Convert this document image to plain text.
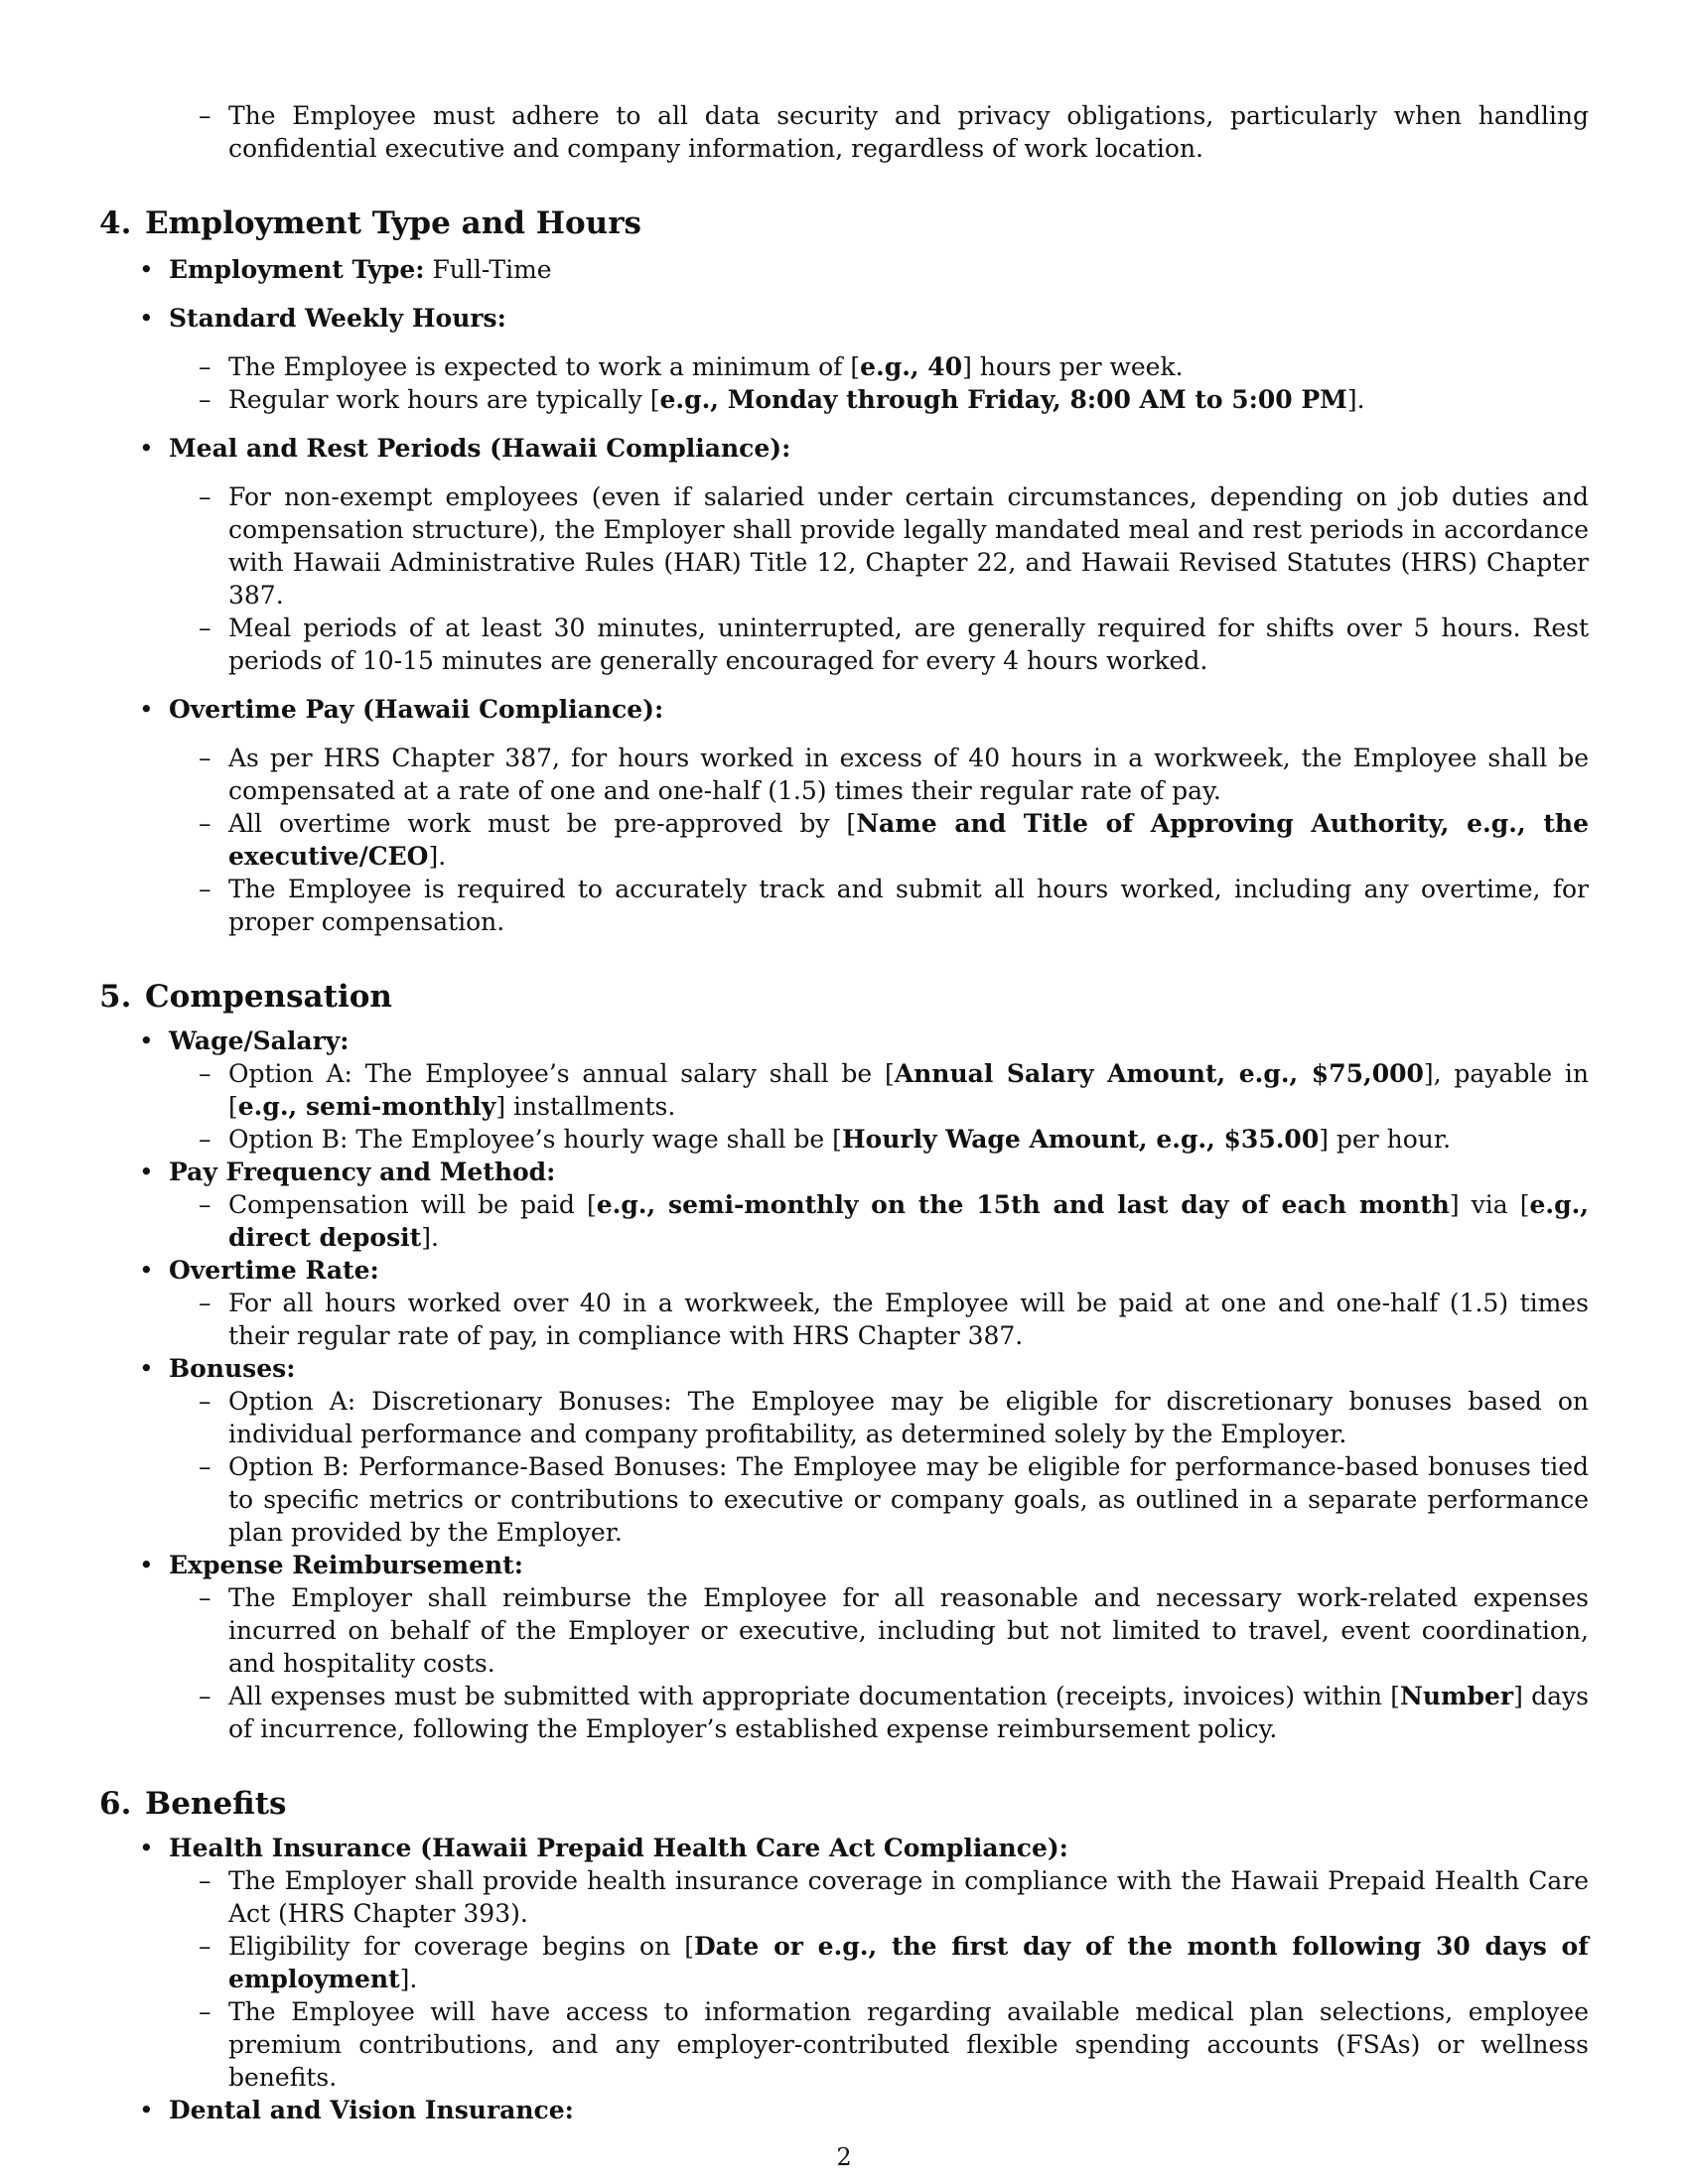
– The Employee must adhere to all data security and privacy obligations, particularly when handling confidential executive and company information, regardless of work location.
4. Employment Type and Hours
• Employment Type: Full-Time
• Standard Weekly Hours:
– The Employee is expected to work a minimum of [e.g., 40] hours per week.
– Regular work hours are typically [e.g., Monday through Friday, 8:00 AM to 5:00 PM].
• Meal and Rest Periods (Hawaii Compliance):
– For non-exempt employees (even if salaried under certain circumstances, depending on job duties and compensation structure), the Employer shall provide legally mandated meal and rest periods in accordance with Hawaii Administrative Rules (HAR) Title 12, Chapter 22, and Hawaii Revised Statutes (HRS) Chapter 387.
– Meal periods of at least 30 minutes, uninterrupted, are generally required for shifts over 5 hours. Rest periods of 10-15 minutes are generally encouraged for every 4 hours worked.
• Overtime Pay (Hawaii Compliance):
– As per HRS Chapter 387, for hours worked in excess of 40 hours in a workweek, the Employee shall be compensated at a rate of one and one-half (1.5) times their regular rate of pay.
– All overtime work must be pre-approved by [Name and Title of Approving Authority, e.g., the executive/CEO].
– The Employee is required to accurately track and submit all hours worked, including any overtime, for proper compensation.
5. Compensation
• Wage/Salary:
– Option A: The Employee’s annual salary shall be [Annual Salary Amount, e.g., $75,000], payable in [e.g., semi-monthly] installments.
– Option B: The Employee’s hourly wage shall be [Hourly Wage Amount, e.g., $35.00] per hour.
• Pay Frequency and Method:
– Compensation will be paid [e.g., semi-monthly on the 15th and last day of each month] via [e.g., direct deposit].
• Overtime Rate:
– For all hours worked over 40 in a workweek, the Employee will be paid at one and one-half (1.5) times their regular rate of pay, in compliance with HRS Chapter 387.
• Bonuses:
– Option A: Discretionary Bonuses: The Employee may be eligible for discretionary bonuses based on individual performance and company profitability, as determined solely by the Employer.
– Option B: Performance-Based Bonuses: The Employee may be eligible for performance-based bonuses tied to specific metrics or contributions to executive or company goals, as outlined in a separate performance plan provided by the Employer.
• Expense Reimbursement:
– The Employer shall reimburse the Employee for all reasonable and necessary work-related expenses incurred on behalf of the Employer or executive, including but not limited to travel, event coordination, and hospitality costs.
– All expenses must be submitted with appropriate documentation (receipts, invoices) within [Number] days of incurrence, following the Employer’s established expense reimbursement policy.
6. Benefits
• Health Insurance (Hawaii Prepaid Health Care Act Compliance):
– The Employer shall provide health insurance coverage in compliance with the Hawaii Prepaid Health Care Act (HRS Chapter 393).
– Eligibility for coverage begins on [Date or e.g., the first day of the month following 30 days of employment].
– The Employee will have access to information regarding available medical plan selections, employee premium contributions, and any employer-contributed flexible spending accounts (FSAs) or wellness benefits.
• Dental and Vision Insurance:
2
